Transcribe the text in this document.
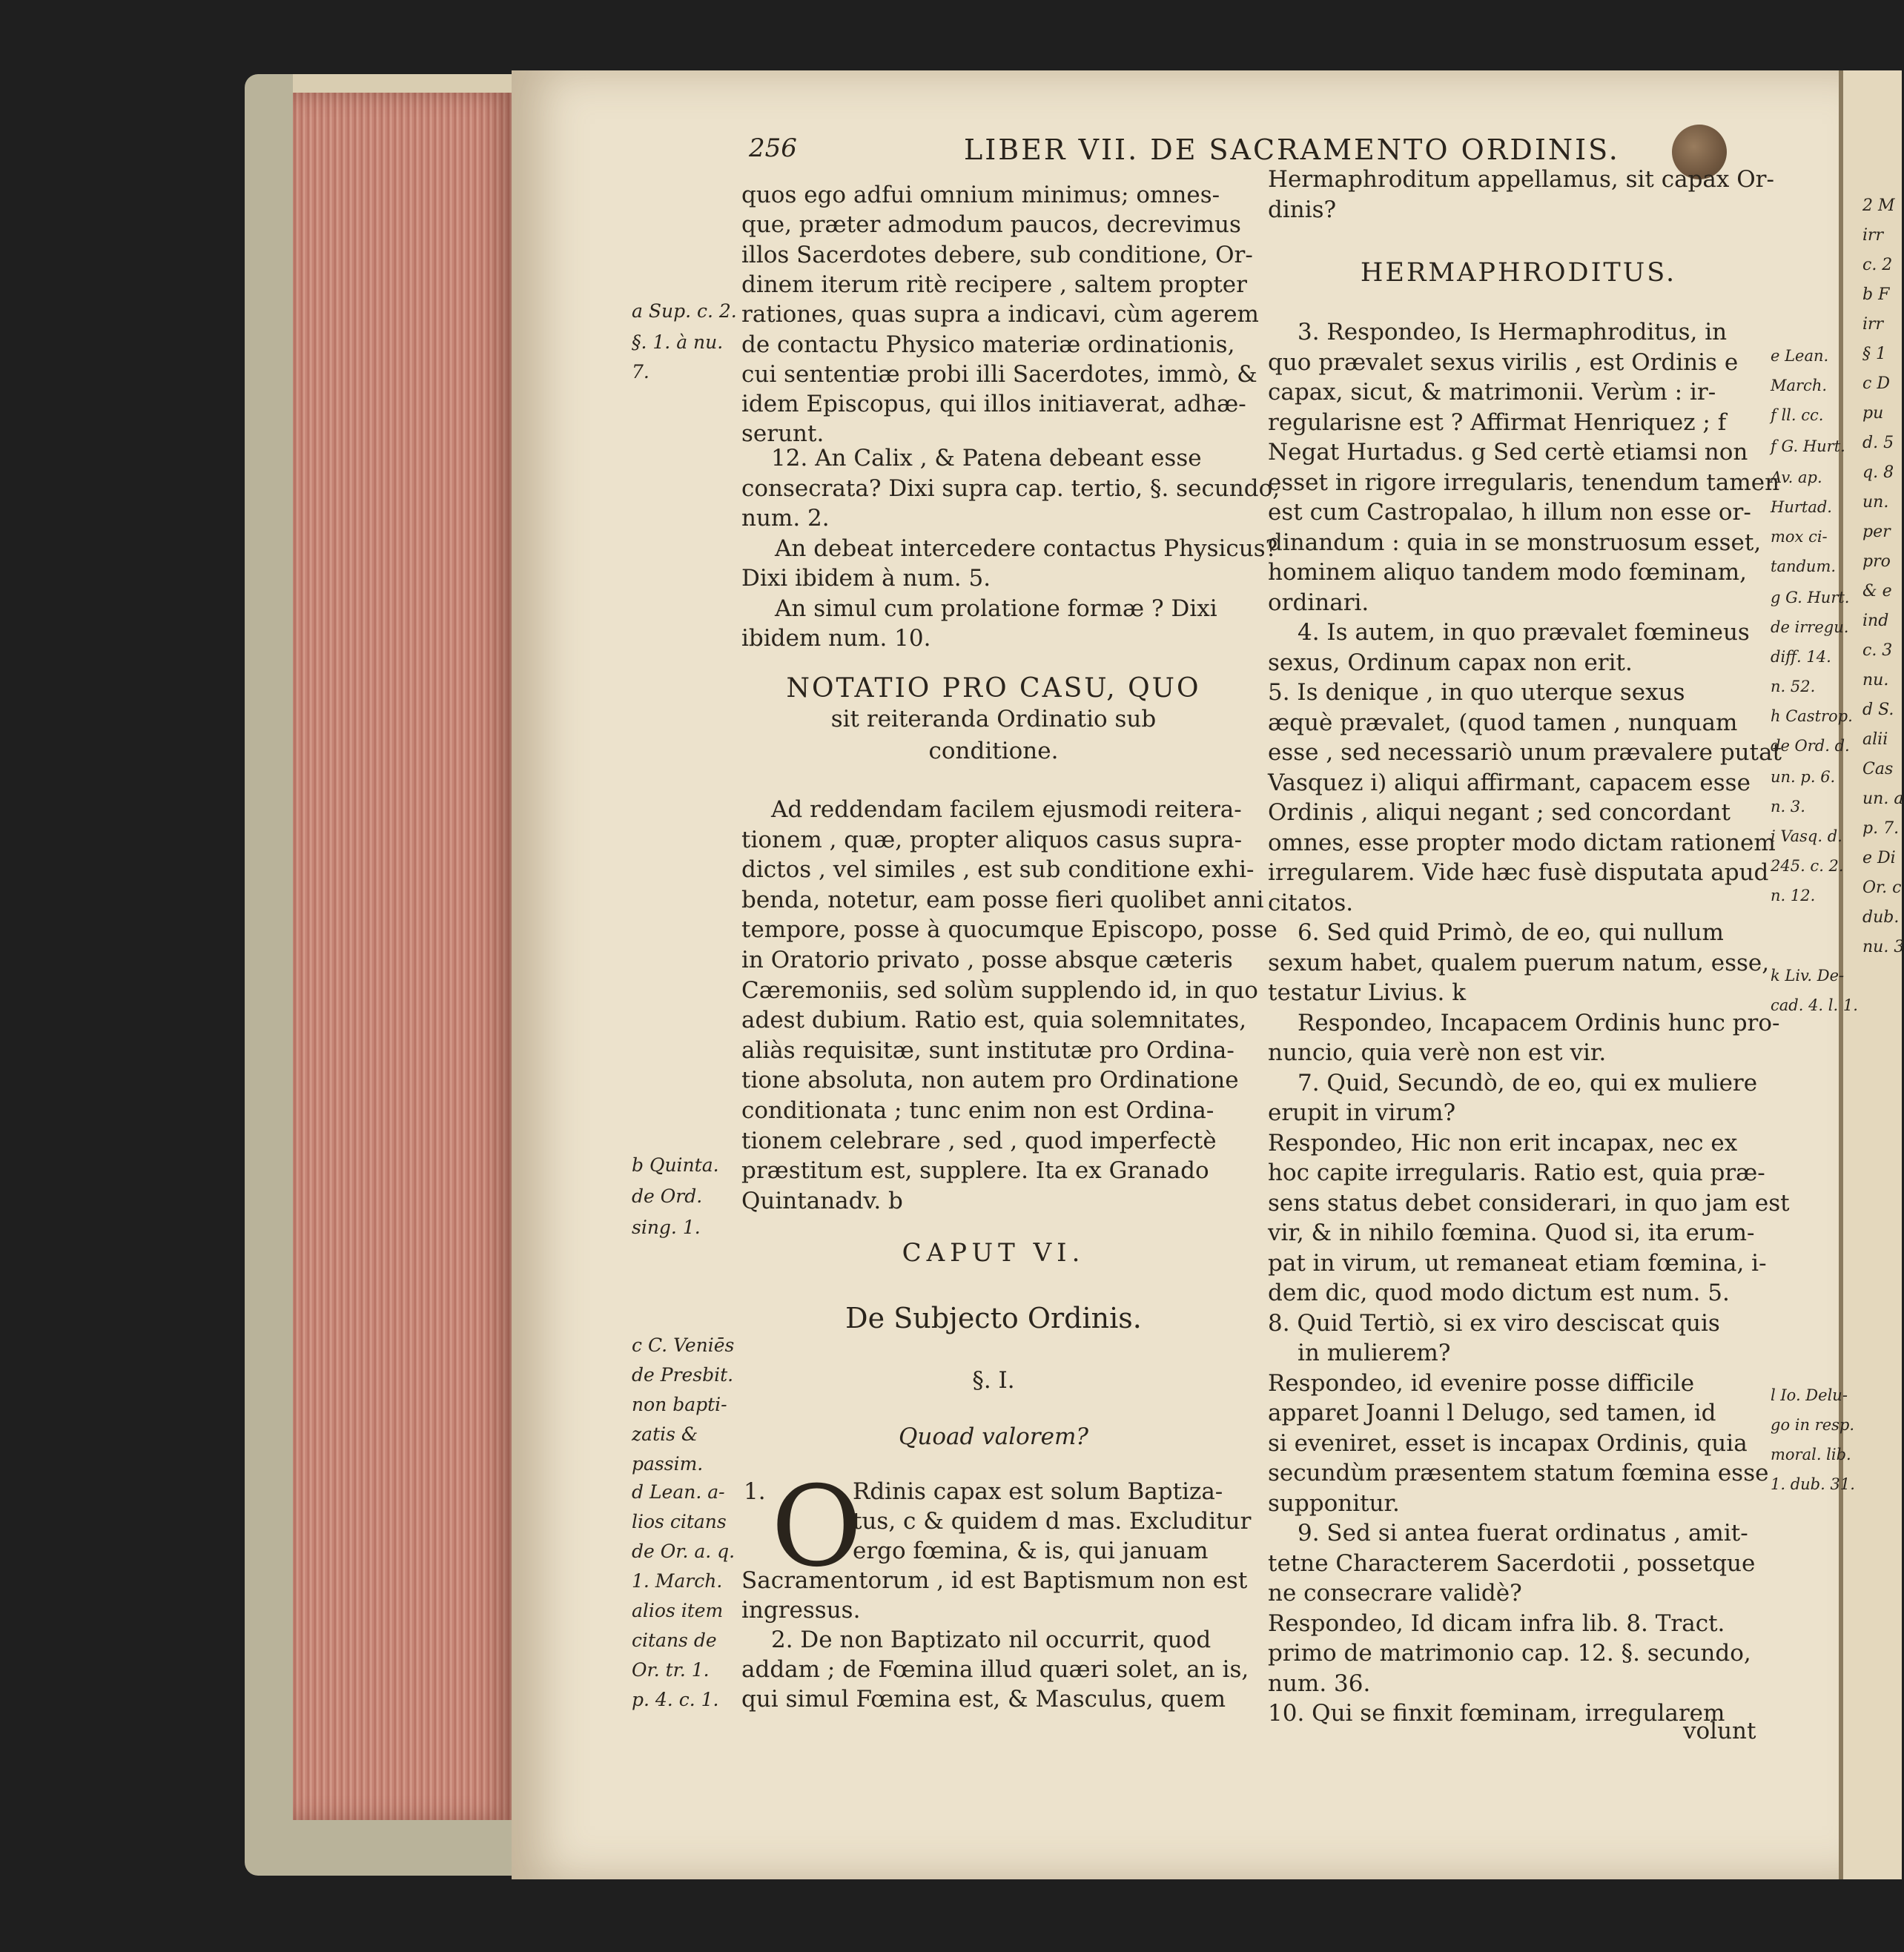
256	LIBER VII. DE SACRAMENTO ORDINIS.
quos ego adfui omnium minimus; omnes-
que, præter admodum paucos, decrevimus
illos Sacerdotes debere, sub conditione, Or-
dinem iterum ritè recipere , saltem propter
rationes, quas supra a indicavi, cùm agerem
de contactu Physico materiæ ordinationis,
cui sententiæ probi illi Sacerdotes, immò, &
idem Episcopus, qui illos initiaverat, adhæ-
serunt.
12. An Calix , & Patena debeant esse
consecrata? Dixi supra cap. tertio, §. secundo,
num. 2.
An debeat intercedere contactus Physicus?
Dixi ibidem à num. 5.
An simul cum prolatione formæ ? Dixi
ibidem num. 10.
NOTATIO PRO CASU, QUO
sit reiteranda Ordinatio sub
conditione.
Ad reddendam facilem ejusmodi reitera-
tionem , quæ, propter aliquos casus supra-
dictos , vel similes , est sub conditione exhi-
benda, notetur, eam posse fieri quolibet anni
tempore, posse à quocumque Episcopo, posse
in Oratorio privato , posse absque cæteris
Cæremoniis, sed solùm supplendo id, in quo
adest dubium. Ratio est, quia solemnitates,
aliàs requisitæ, sunt institutæ pro Ordina-
tione absoluta, non autem pro Ordinatione
conditionata ; tunc enim non est Ordina-
tionem celebrare , sed , quod imperfectè
præstitum est, supplere. Ita ex Granado
Quintanadv. b
CAPUT VI.
De Subjecto Ordinis.
§. I.
Quoad valorem?
O
1.	Rdinis capax est solum Baptiza-
tus, c & quidem d mas. Excluditur
ergo fœmina, & is, qui januam
Sacramentorum , id est Baptismum non est
ingressus.
2. De non Baptizato nil occurrit, quod
addam ; de Fœmina illud quæri solet, an is,
qui simul Fœmina est, & Masculus, quem
a Sup. c. 2.
§. 1. à nu.
7.
b Quinta.
de Ord.
sing. 1.
c C. Veniēs
de Presbit.
non bapti-
zatis &
passim.
d Lean. a-
lios citans
de Or. a. q.
1. March.
alios item
citans de
Or. tr. 1.
p. 4. c. 1.
Hermaphroditum appellamus, sit capax Or-
dinis?
HERMAPHRODITUS.
3. Respondeo, Is Hermaphroditus, in
quo prævalet sexus virilis , est Ordinis e
capax, sicut, & matrimonii. Verùm : ir-
regularisne est ? Affirmat Henriquez ; f
Negat Hurtadus. g Sed certè etiamsi non
esset in rigore irregularis, tenendum tamen
est cum Castropalao, h illum non esse or-
dinandum : quia in se monstruosum esset,
hominem aliquo tandem modo fœminam,
ordinari.
4. Is autem, in quo prævalet fœmineus
sexus, Ordinum capax non erit.
5. Is denique , in quo uterque sexus
æquè prævalet, (quod tamen , nunquam
esse , sed necessariò unum prævalere putat
Vasquez i) aliqui affirmant, capacem esse
Ordinis , aliqui negant ; sed concordant
omnes, esse propter modo dictam rationem
irregularem. Vide hæc fusè disputata apud
citatos.
6. Sed quid Primò, de eo, qui nullum
sexum habet, qualem puerum natum, esse,
testatur Livius. k
Respondeo, Incapacem Ordinis hunc pro-
nuncio, quia verè non est vir.
7. Quid, Secundò, de eo, qui ex muliere
erupit in virum?
Respondeo, Hic non erit incapax, nec ex
hoc capite irregularis. Ratio est, quia præ-
sens status debet considerari, in quo jam est
vir, & in nihilo fœmina. Quod si, ita erum-
pat in virum, ut remaneat etiam fœmina, i-
dem dic, quod modo dictum est num. 5.
8. Quid Tertiò, si ex viro desciscat quis
in mulierem?
Respondeo, id evenire posse difficile
apparet Joanni l Delugo, sed tamen, id
si eveniret, esset is incapax Ordinis, quia
secundùm præsentem statum fœmina esse
supponitur.
9. Sed si antea fuerat ordinatus , amit-
tetne Characterem Sacerdotii , possetque
ne consecrare validè?
Respondeo, Id dicam infra lib. 8. Tract.
primo de matrimonio cap. 12. §. secundo,
num. 36.
10. Qui se finxit fœminam, irregularem
volunt
e Lean.
March.
f ll. cc.
f G. Hurt.
Av. ap.
Hurtad.
mox ci-
tandum.
g G. Hurt.
de irregu.
diff. 14.
n. 52.
h Castrop.
de Ord. d.
un. p. 6.
n. 3.
i Vasq. d.
245. c. 2.
n. 12.
k Liv. De-
cad. 4. l. 1.
l Io. Delu-
go in resp.
moral. lib.
1. dub. 31.
2 M
irr
c. 2
b F
irr
§ 1
c D
pu
d. 5
q. 8
un.
per
pro
& e
ind
c. 3
nu.
d S.
alii
Cas
un. a
p. 7.
e Di
Or. c
dub.
nu. 3
